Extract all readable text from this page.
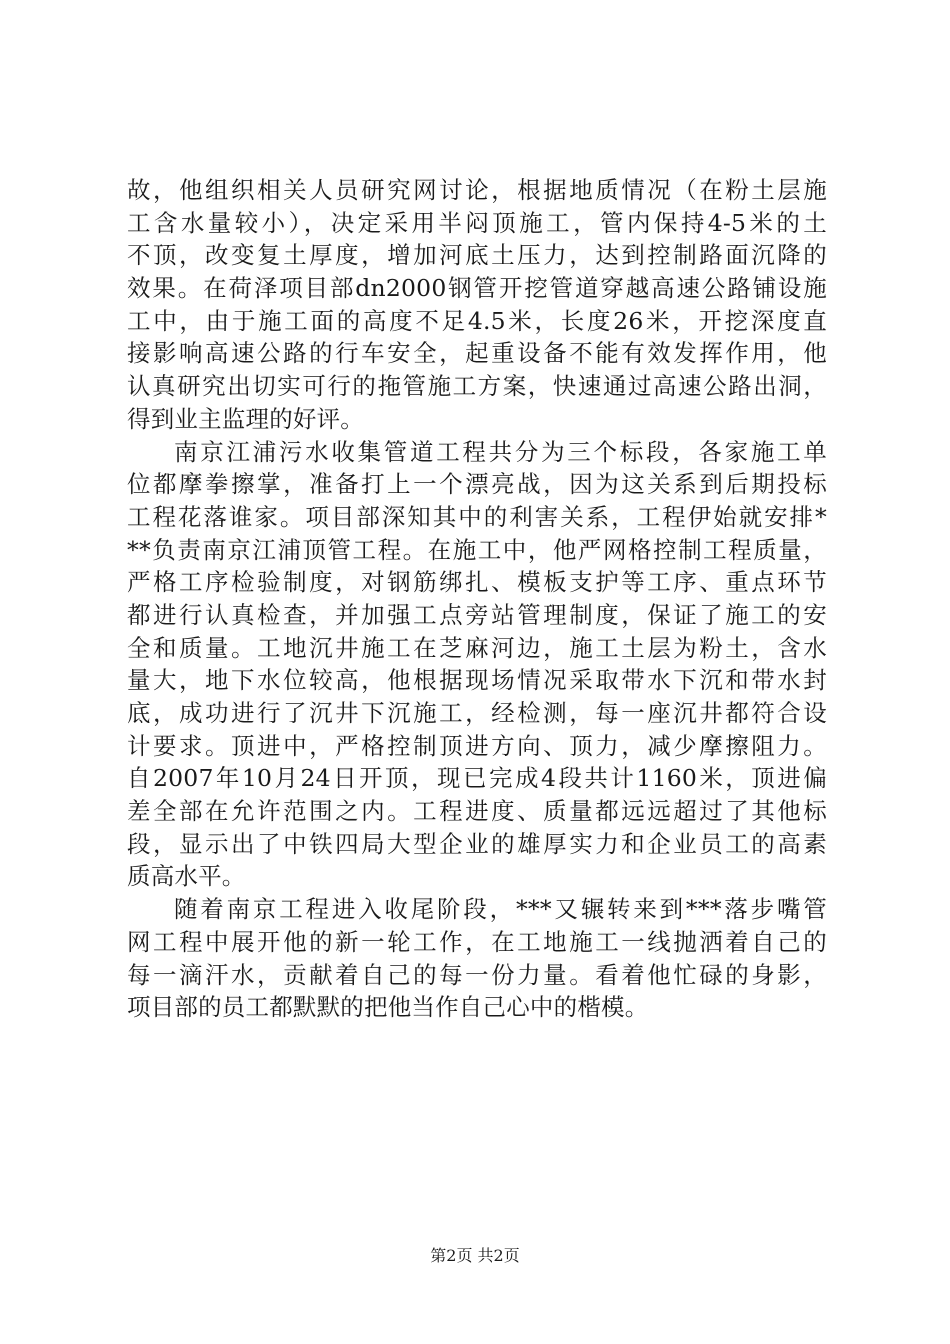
故，他组织相关人员研究网讨论，根据地质情况（在粉土层施
工含水量较小），决定采用半闷顶施工，管内保持4-5米的土
不顶，改变复土厚度，增加河底土压力，达到控制路面沉降的
效果。在荷泽项目部dn2000钢管开挖管道穿越高速公路铺设施
工中，由于施工面的高度不足4.5米，长度26米，开挖深度直
接影响高速公路的行车安全，起重设备不能有效发挥作用，他
认真研究出切实可行的拖管施工方案，快速通过高速公路出洞，
得到业主监理的好评。
南京江浦污水收集管道工程共分为三个标段，各家施工单
位都摩拳擦掌，准备打上一个漂亮战，因为这关系到后期投标
工程花落谁家。项目部深知其中的利害关系，工程伊始就安排*
**负责南京江浦顶管工程。在施工中，他严网格控制工程质量，
严格工序检验制度，对钢筋绑扎、模板支护等工序、重点环节
都进行认真检查，并加强工点旁站管理制度，保证了施工的安
全和质量。工地沉井施工在芝麻河边，施工土层为粉土，含水
量大，地下水位较高，他根据现场情况采取带水下沉和带水封
底，成功进行了沉井下沉施工，经检测，每一座沉井都符合设
计要求。顶进中，严格控制顶进方向、顶力，减少摩擦阻力。
自2007年10月24日开顶，现已完成4段共计1160米，顶进偏
差全部在允许范围之内。工程进度、质量都远远超过了其他标
段，显示出了中铁四局大型企业的雄厚实力和企业员工的高素
质高水平。
随着南京工程进入收尾阶段，***又辗转来到***落步嘴管
网工程中展开他的新一轮工作，在工地施工一线抛洒着自己的
每一滴汗水，贡献着自己的每一份力量。看着他忙碌的身影，
项目部的员工都默默的把他当作自己心中的楷模。
第2页 共2页
